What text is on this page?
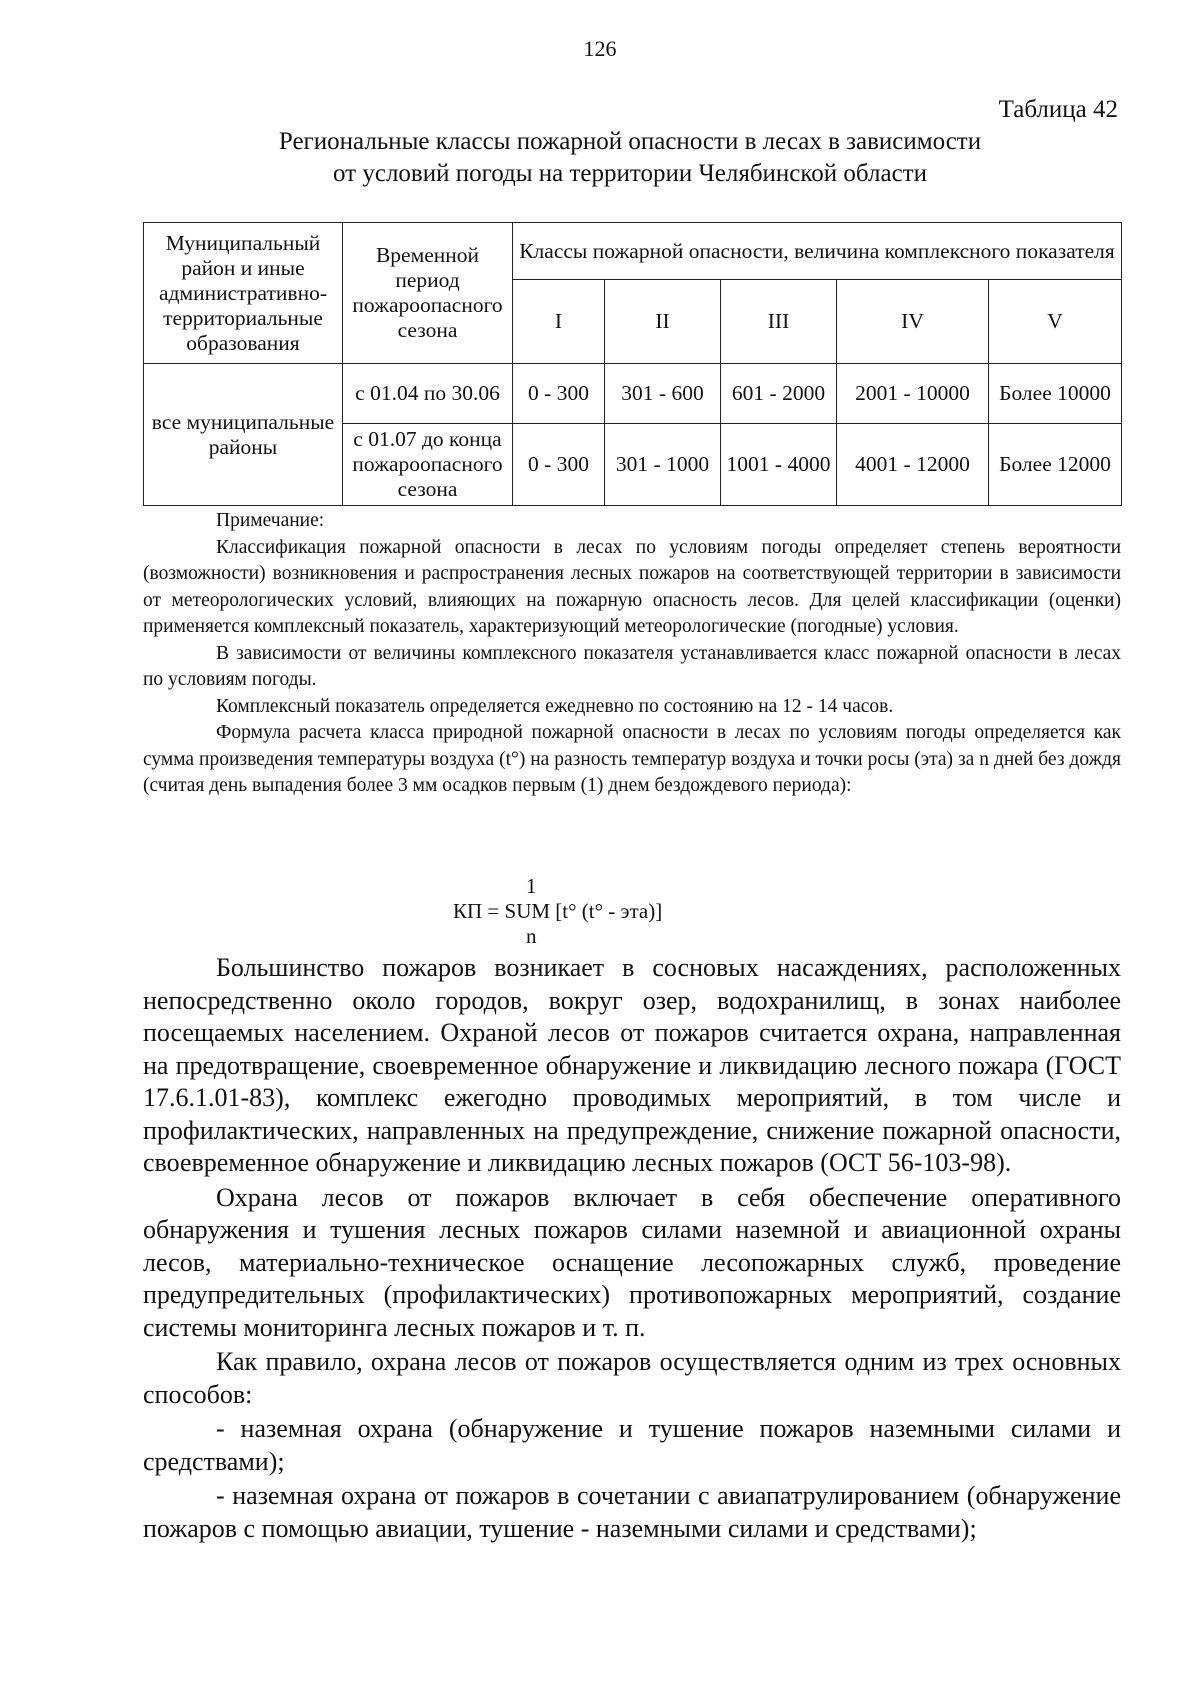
126
Таблица 42
Региональные классы пожарной опасности в лесах в зависимости
от условий погоды на территории Челябинской области
Муниципальный район и иные административно-территориальные образования	Временной период пожароопасного сезона	Классы пожарной опасности, величина комплексного показателя				
		I	II	III	IV	V
все муниципальные районы	с 01.04 по 30.06	0 - 300	301 - 600	601 - 2000	2001 - 10000	Более 10000
	с 01.07 до конца пожароопасного сезона	0 - 300	301 - 1000	1001 - 4000	4001 - 12000	Более 12000

Примечание:

Классификация пожарной опасности в лесах по условиям погоды определяет степень вероятности (возможности) возникновения и распространения лесных пожаров на соответствующей территории в зависимости от метеорологических условий, влияющих на пожарную опасность лесов. Для целей классификации (оценки) применяется комплексный показатель, характеризующий метеорологические (погодные) условия.

В зависимости от величины комплексного показателя устанавливается класс пожарной опасности в лесах по условиям погоды.

Комплексный показатель определяется ежедневно по состоянию на 12 - 14 часов.

Формула расчета класса природной пожарной опасности в лесах по условиям погоды определяется как сумма произведения температуры воздуха (t°) на разность температур воздуха и точки росы (эта) за n дней без дождя (считая день выпадения более 3 мм осадков первым (1) днем бездождевого периода):

1
КП = SUM [t° (t° - эта)]
n

Большинство пожаров возникает в сосновых насаждениях, расположенных непосредственно около городов, вокруг озер, водохранилищ, в зонах наиболее посещаемых населением. Охраной лесов от пожаров считается охрана, направленная на предотвращение, своевременное обнаружение и ликвидацию лесного пожара (ГОСТ 17.6.1.01-83), комплекс ежегодно проводимых мероприятий, в том числе и профилактических, направленных на предупреждение, снижение пожарной опасности, своевременное обнаружение и ликвидацию лесных пожаров (ОСТ 56-103-98).

Охрана лесов от пожаров включает в себя обеспечение оперативного обнаружения и тушения лесных пожаров силами наземной и авиационной охраны лесов, материально-техническое оснащение лесопожарных служб, проведение предупредительных (профилактических) противопожарных мероприятий, создание системы мониторинга лесных пожаров и т. п.

Как правило, охрана лесов от пожаров осуществляется одним из трех основных способов:

- наземная охрана (обнаружение и тушение пожаров наземными силами и средствами);

- наземная охрана от пожаров в сочетании с авиапатрулированием (обнаружение пожаров с помощью авиации, тушение - наземными силами и средствами);
